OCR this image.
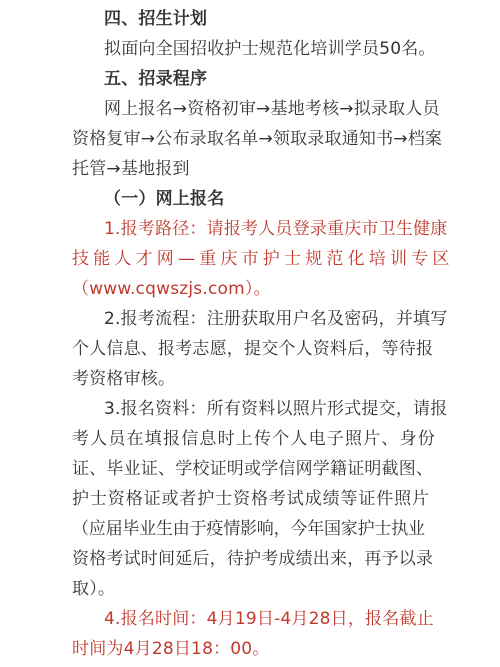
四、招生计划
拟面向全国招收护士规范化培训学员50名。
五、招录程序
网上报名→资格初审→基地考核→拟录取人员
资格复审→公布录取名单→领取录取通知书→档案
托管→基地报到
（一）网上报名
1.报考路径：请报考人员登录重庆市卫生健康
技能人才网—重庆市护士规范化培训专区
（www.cqwszjs.com）。
2.报考流程：注册获取用户名及密码，并填写
个人信息、报考志愿，提交个人资料后，等待报
考资格审核。
3.报名资料：所有资料以照片形式提交，请报
考人员在填报信息时上传个人电子照片、身份
证、毕业证、学校证明或学信网学籍证明截图、
护士资格证或者护士资格考试成绩等证件照片
（应届毕业生由于疫情影响，今年国家护士执业
资格考试时间延后，待护考成绩出来，再予以录
取）。
4.报名时间：4月19日-4月28日，报名截止
时间为4月28日18：00。
